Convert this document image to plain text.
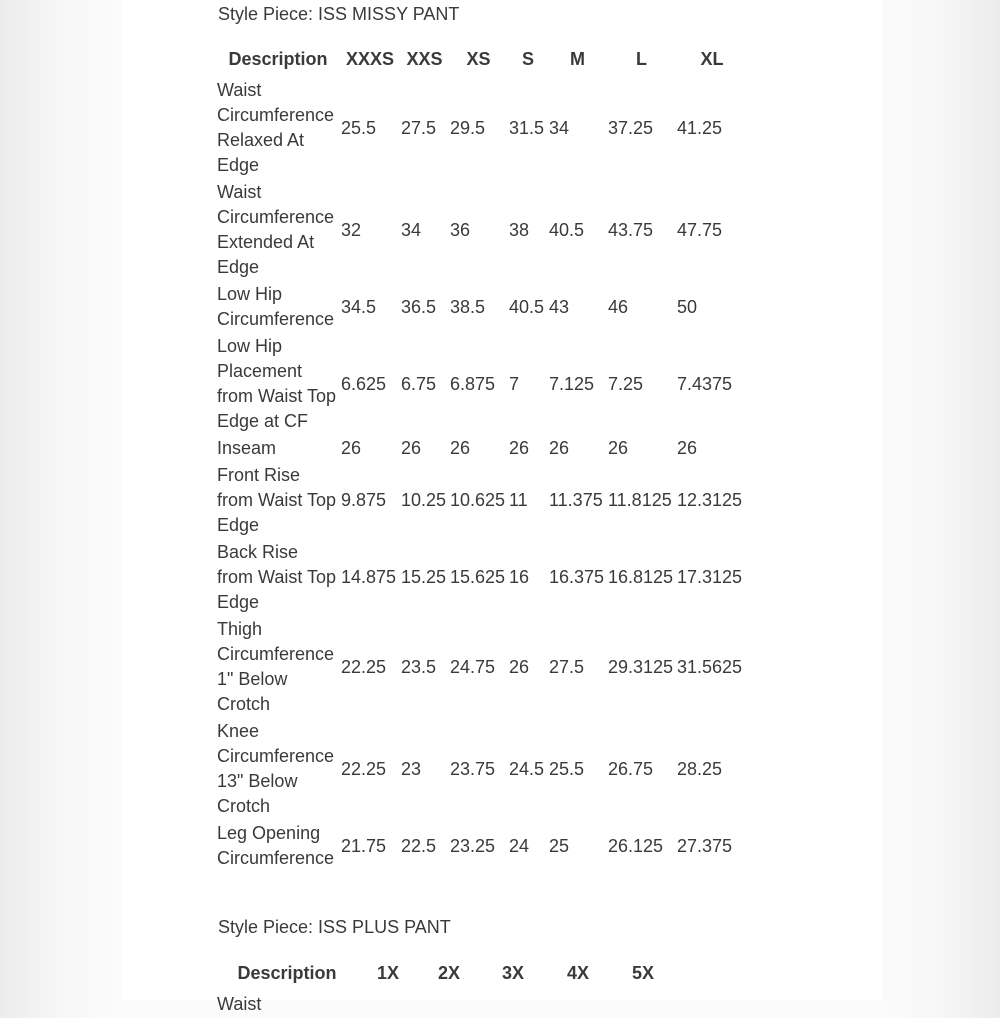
Style Piece: ISS MISSY PANT

Description	XXXS	XXS	XS	S	M	L	XL
Waist Circumference Relaxed At Edge	25.5	27.5	29.5	31.5	34	37.25	41.25
Waist Circumference Extended At Edge	32	34	36	38	40.5	43.75	47.75
Low Hip Circumference	34.5	36.5	38.5	40.5	43	46	50
Low Hip Placement from Waist Top Edge at CF	6.625	6.75	6.875	7	7.125	7.25	7.4375
Inseam	26	26	26	26	26	26	26
Front Rise from Waist Top Edge	9.875	10.25	10.625	11	11.375	11.8125	12.3125
Back Rise from Waist Top Edge	14.875	15.25	15.625	16	16.375	16.8125	17.3125
Thigh Circumference 1" Below Crotch	22.25	23.5	24.75	26	27.5	29.3125	31.5625
Knee Circumference 13" Below Crotch	22.25	23	23.75	24.5	25.5	26.75	28.25
Leg Opening Circumference	21.75	22.5	23.25	24	25	26.125	27.375

Style Piece: ISS PLUS PANT

Description	1X	2X	3X	4X	5X
Waist					
